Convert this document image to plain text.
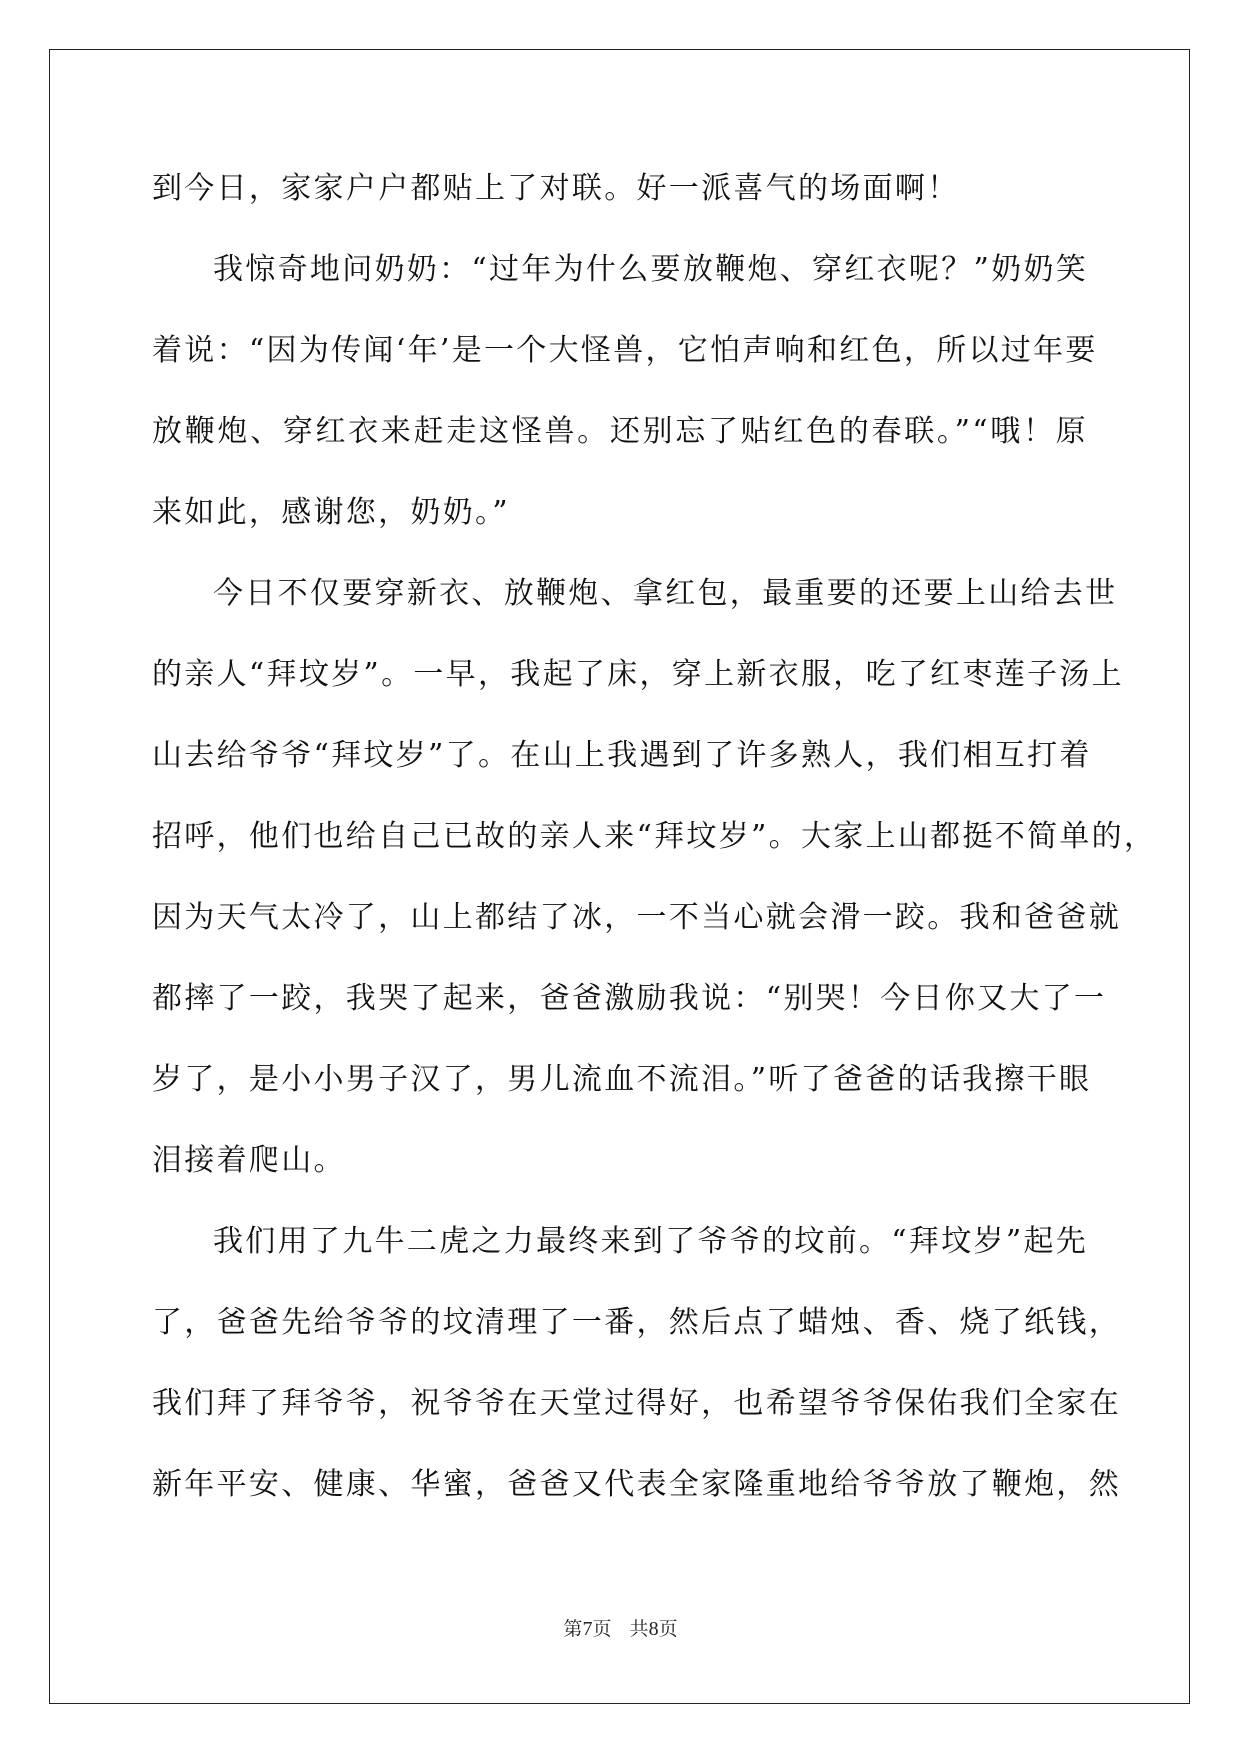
到今日，家家户户都贴上了对联。好一派喜气的场面啊！
我惊奇地问奶奶：“过年为什么要放鞭炮、穿红衣呢？”奶奶笑
着说：“因为传闻‘年’是一个大怪兽，它怕声响和红色，所以过年要
放鞭炮、穿红衣来赶走这怪兽。还别忘了贴红色的春联。”“哦！原
来如此，感谢您，奶奶。”
今日不仅要穿新衣、放鞭炮、拿红包，最重要的还要上山给去世
的亲人“拜坟岁”。一早，我起了床，穿上新衣服，吃了红枣莲子汤上
山去给爷爷“拜坟岁”了。在山上我遇到了许多熟人，我们相互打着
招呼，他们也给自己已故的亲人来“拜坟岁”。大家上山都挺不简单的，
因为天气太冷了，山上都结了冰，一不当心就会滑一跤。我和爸爸就
都摔了一跤，我哭了起来，爸爸激励我说：“别哭！今日你又大了一
岁了，是小小男子汉了，男儿流血不流泪。”听了爸爸的话我擦干眼
泪接着爬山。
我们用了九牛二虎之力最终来到了爷爷的坟前。“拜坟岁”起先
了，爸爸先给爷爷的坟清理了一番，然后点了蜡烛、香、烧了纸钱，
我们拜了拜爷爷，祝爷爷在天堂过得好，也希望爷爷保佑我们全家在
新年平安、健康、华蜜，爸爸又代表全家隆重地给爷爷放了鞭炮，然
第7页   共8页
